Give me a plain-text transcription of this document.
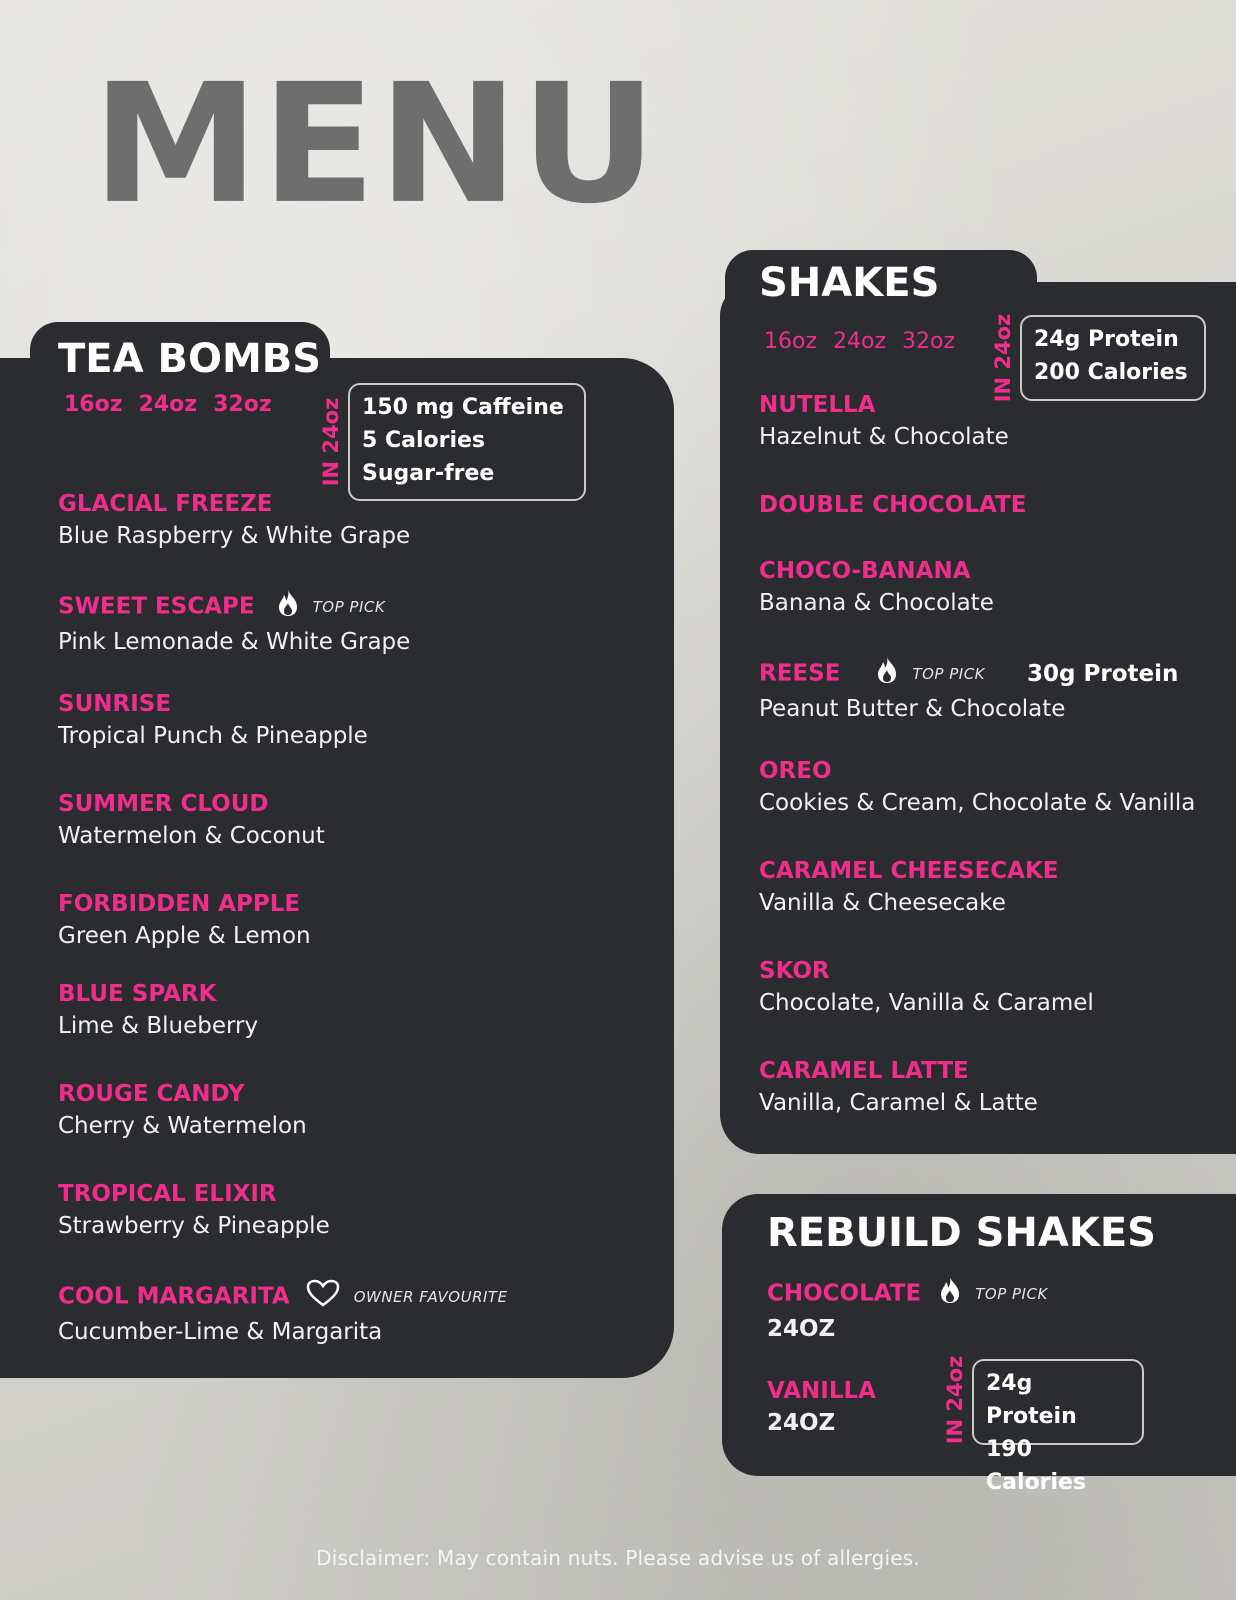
MENU
TEA BOMBS
16oz 24oz 32oz	IN 24oz 150 mg Caffeine
5 Calories
Sugar-free
GLACIAL FREEZE
Blue Raspberry & White Grape
SWEET ESCAPE	TOP PICK
Pink Lemonade & White Grape
SUNRISE
Tropical Punch & Pineapple
SUMMER CLOUD
Watermelon & Coconut
FORBIDDEN APPLE
Green Apple & Lemon
BLUE SPARK
Lime & Blueberry
ROUGE CANDY
Cherry & Watermelon
TROPICAL ELIXIR
Strawberry & Pineapple
COOL MARGARITA	OWNER FAVOURITE
Cucumber-Lime & Margarita
SHAKES
16oz 24oz 32oz	IN 24oz 24g Protein
200 Calories
NUTELLA
Hazelnut & Chocolate
DOUBLE CHOCOLATE
CHOCO-BANANA
Banana & Chocolate
REESE	TOP PICK 30g Protein
Peanut Butter & Chocolate
OREO
Cookies & Cream, Chocolate & Vanilla
CARAMEL CHEESECAKE
Vanilla & Cheesecake
SKOR
Chocolate, Vanilla & Caramel
CARAMEL LATTE
Vanilla, Caramel & Latte
REBUILD SHAKES
CHOCOLATE	TOP PICK
24OZ
VANILLA
24OZ	IN 24oz 24g Protein
190 Calories
Disclaimer: May contain nuts. Please advise us of allergies.
